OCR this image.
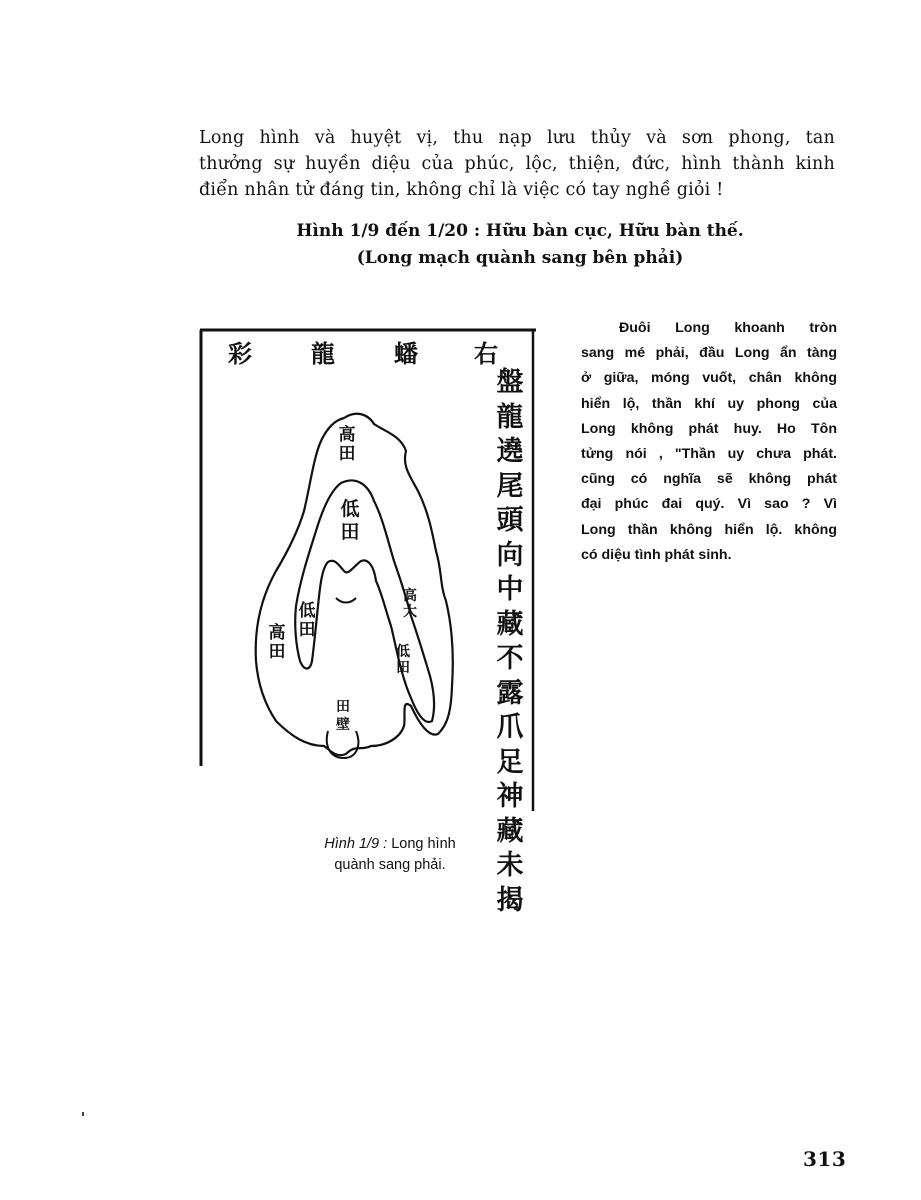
Long hình và huyệt vị, thu nạp lưu thủy và sơn phong, tan
thưởng sự huyền diệu của phúc, lộc, thiện, đức, hình thành kinh
điển nhân tử đáng tin, không chỉ là việc có tay nghề giỏi !
Hình 1/9 đến 1/20 : Hữu bàn cục, Hữu bàn thế.
(Long mạch quành sang bên phải)
彩 龍 蟠 右
盤
龍
遶
尾
頭
向
中
藏
不
露
爪
足
神
藏
未
揭
高
田
低
田
低
田
高
田
高
大
低
田
田
壁
Đuôi Long khoanh tròn
sang mé phải, đầu Long ẩn tàng
ở giữa, móng vuốt, chân không
hiển lộ, thần khí uy phong của
Long không phát huy. Ho Tôn
tửng nói , "Thần uy chưa phát.
cũng có nghĩa sẽ không phát
đại phúc đai quý. Vì sao ? Vì
Long thần không hiển lộ. không
có diệu tình phát sinh.
Hình 1/9 : Long hình
quành sang phải.
313
